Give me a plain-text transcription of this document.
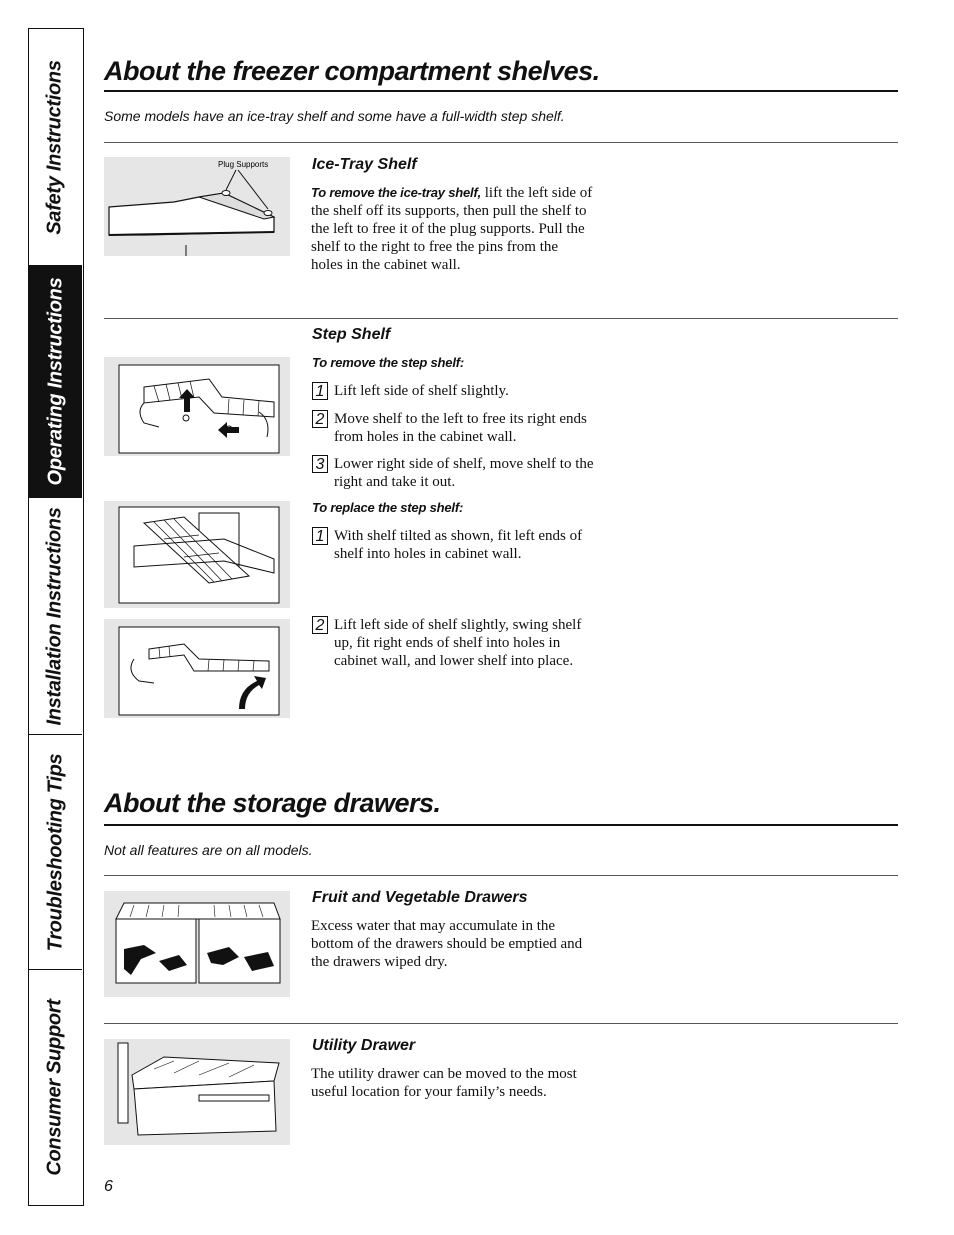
Safety Instructions
Operating Instructions
Installation Instructions
Troubleshooting Tips
Consumer Support
About the freezer compartment shelves.
Some models have an ice-tray shelf and some have a full-width step shelf.
Plug Supports	Ice-Tray Shelf
To remove the ice-tray shelf, lift the left side of the shelf off its supports, then pull the shelf to the left to free it of the plug supports. Pull the shelf to the right to free the pins from the holes in the cabinet wall.
Step Shelf
To remove the step shelf:
1 Lift left side of shelf slightly.
2 Move shelf to the left to free its right ends from holes in the cabinet wall.
3 Lower right side of shelf, move shelf to the right and take it out.
To replace the step shelf:
1 With shelf tilted as shown, fit left ends of shelf into holes in cabinet wall.
2 Lift left side of shelf slightly, swing shelf up, fit right ends of shelf into holes in cabinet wall, and lower shelf into place.
About the storage drawers.
Not all features are on all models.
Fruit and Vegetable Drawers
Excess water that may accumulate in the bottom of the drawers should be emptied and the drawers wiped dry.
Utility Drawer
The utility drawer can be moved to the most useful location for your family’s needs.
6
